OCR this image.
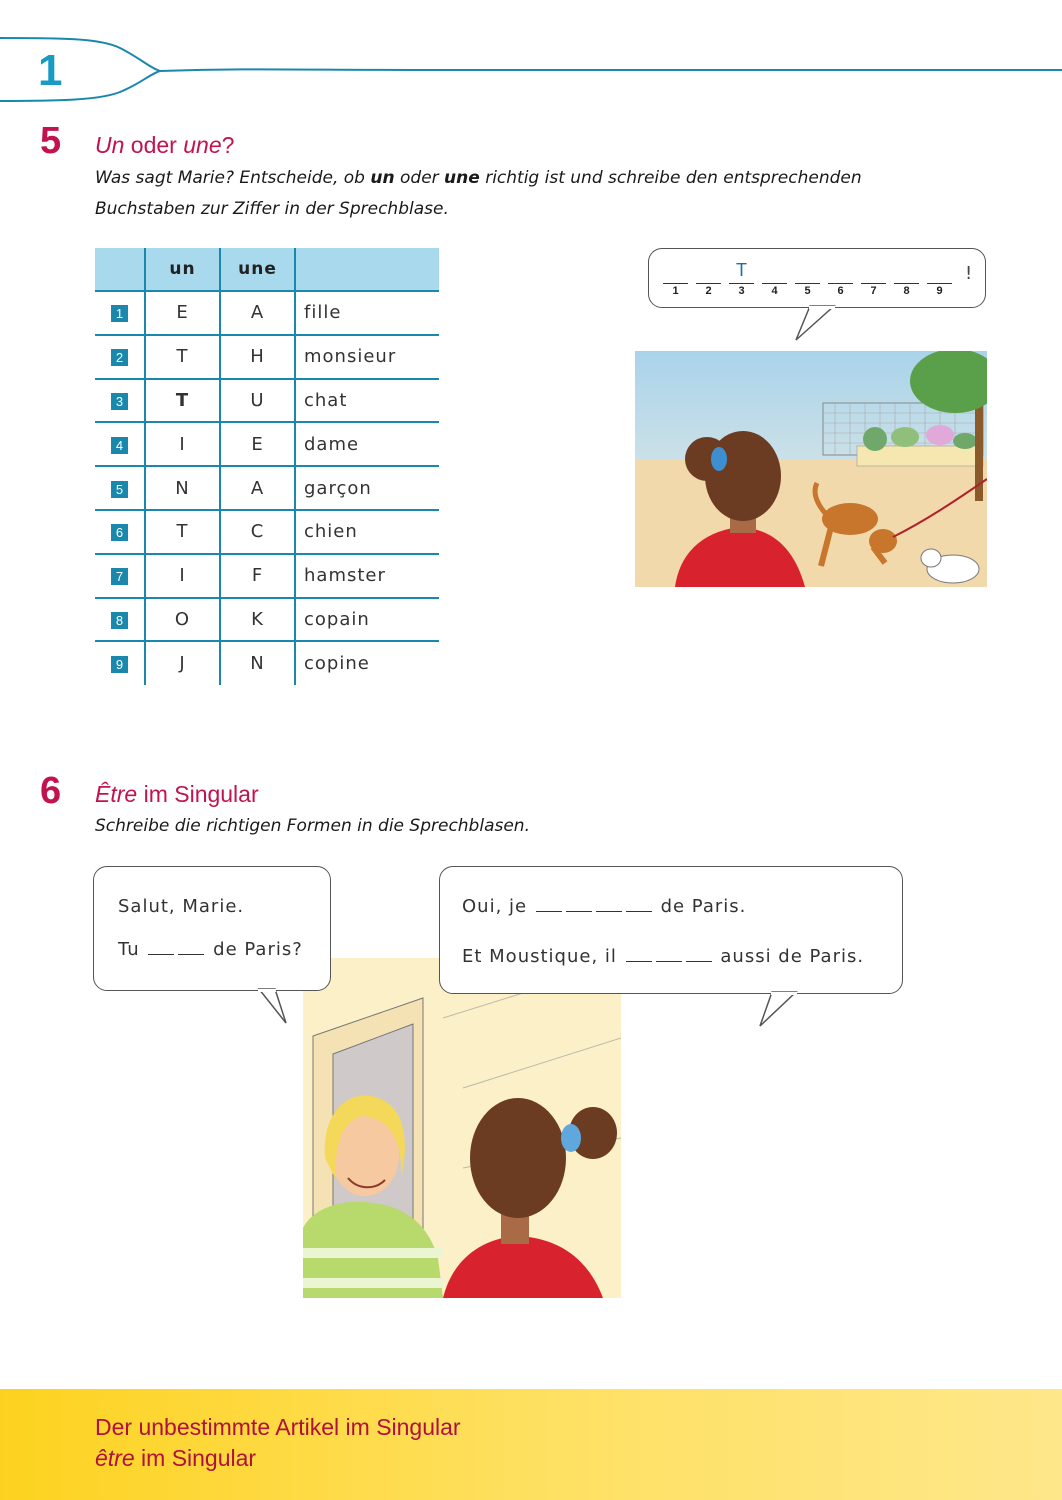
1
5 Un oder une?
Was sagt Marie? Entscheide, ob un oder une richtig ist und schreibe den entsprechenden
Buchstaben zur Ziffer in der Sprechblase.
	un	une	
1	E	A	fille
2	T	H	monsieur
3	T	U	chat
4	I	E	dame
5	N	A	garçon
6	T	C	chien
7	I	F	hamster
8	O	K	copain
9	J	N	copine
1	2
T
3	4	5	6	7	8	9
!
6 Être im Singular
Schreibe die richtigen Formen in die Sprechblasen.
Salut, Marie.
Tu	de Paris?
Oui, je	de Paris.
Et Moustique, il	aussi de Paris.
Der unbestimmte Artikel im Singular
être im Singular
